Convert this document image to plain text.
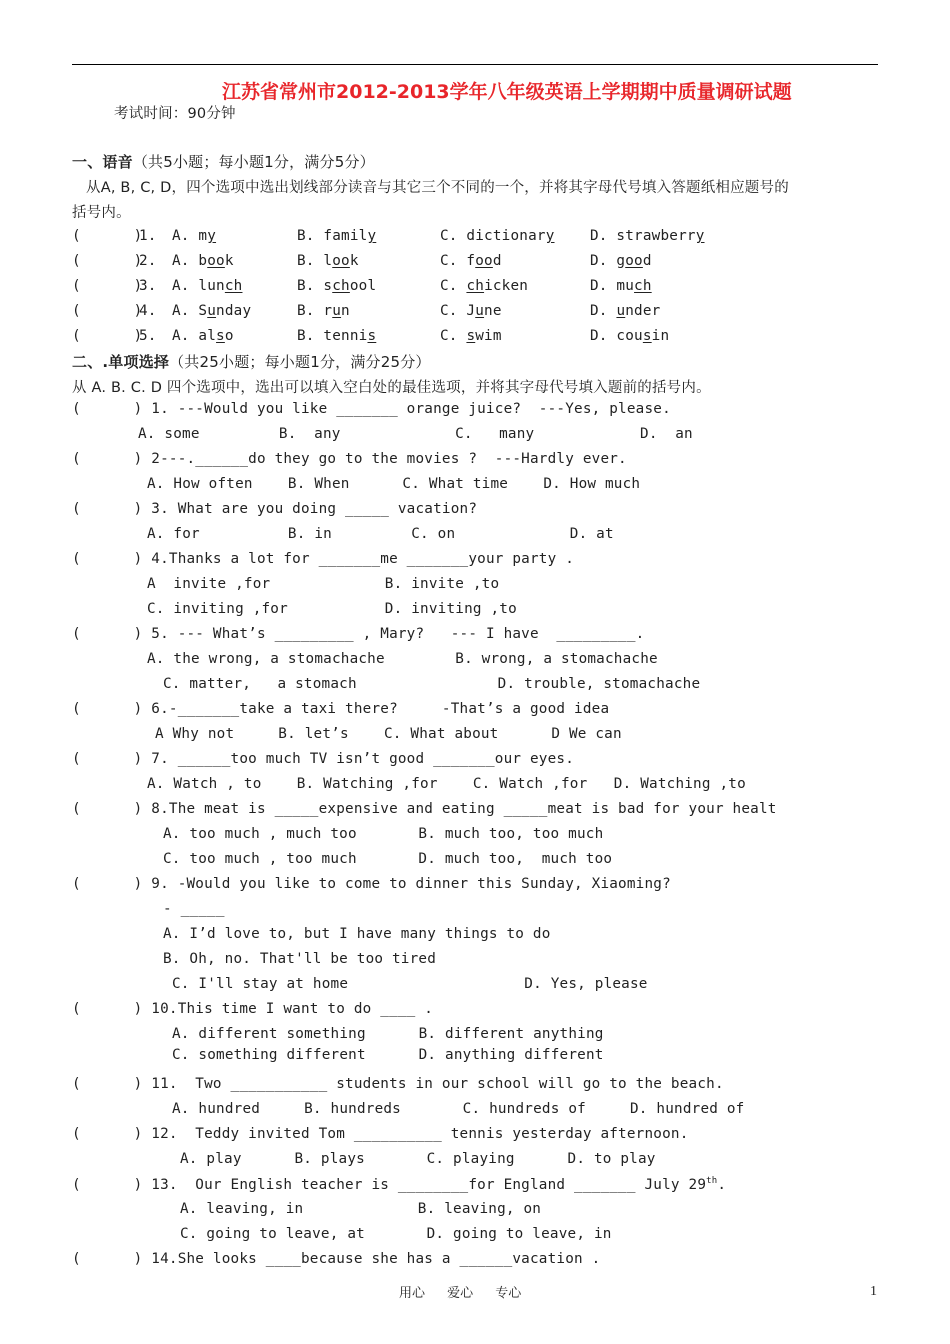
江苏省常州市2012-2013学年八年级英语上学期期中质量调研试题
考试时间：90分钟
一、语音（共5小题；每小题1分，满分5分）
从A, B, C, D，四个选项中选出划线部分读音与其它三个不同的一个，并将其字母代号填入答题纸相应题号的
括号内。
(      )
1. A. my	B. family	C. dictionary D. strawberry
(      )
2. A. book	B. look	C. food	D. good
(      )
3. A. lunch	B. school	C. chicken	D. much
(      )
4. A. Sunday	B. run	C. June	D. under
(      )
5. A. also	B. tennis	C. swim	D. cousin
二、.单项选择（共25小题；每小题1分，满分25分）
从 A. B. C. D 四个选项中，选出可以填入空白处的最佳选项，并将其字母代号填入题前的括号内。
(      ) 1. ---Would you like _______ orange juice?  ---Yes, please.
A. some         B.  any             C.   many            D.  an
(      ) 2---.______do they go to the movies ?  ---Hardly ever.
A. How often    B. When      C. What time    D. How much
(      ) 3. What are you doing _____ vacation?
A. for          B. in         C. on             D. at
(      ) 4.Thanks a lot for _______me _______your party .
A  invite ,for             B. invite ,to
C. inviting ,for           D. inviting ,to
(      ) 5. --- What’s _________ , Mary?   --- I have  _________.
A. the wrong, a stomachache        B. wrong, a stomachache
C. matter,   a stomach                D. trouble, stomachache
(      ) 6.-_______take a taxi there?     -That’s a good idea
A Why not     B. let’s    C. What about      D We can
(      ) 7. ______too much TV isn’t good _______our eyes.
A. Watch , to    B. Watching ,for    C. Watch ,for   D. Watching ,to
(      ) 8.The meat is _____expensive and eating _____meat is bad for your healt
A. too much , much too       B. much too, too much
C. too much , too much       D. much too,  much too
(      ) 9. -Would you like to come to dinner this Sunday, Xiaoming?
- _____
A. I’d love to, but I have many things to do
B. Oh, no. That'll be too tired
C. I'll stay at home                    D. Yes, please
(      ) 10.This time I want to do ____ .
A. different something      B. different anything
C. something different      D. anything different
(      ) 11.  Two ___________ students in our school will go to the beach.
A. hundred     B. hundreds       C. hundreds of     D. hundred of
(      ) 12.  Teddy invited Tom __________ tennis yesterday afternoon.
A. play      B. plays       C. playing      D. to play
(      ) 13.  Our English teacher is ________for England _______ July 29th.
A. leaving, in             B. leaving, on
C. going to leave, at       D. going to leave, in
(      ) 14.She looks ____because she has a ______vacation .
用心 爱心 专心	1
